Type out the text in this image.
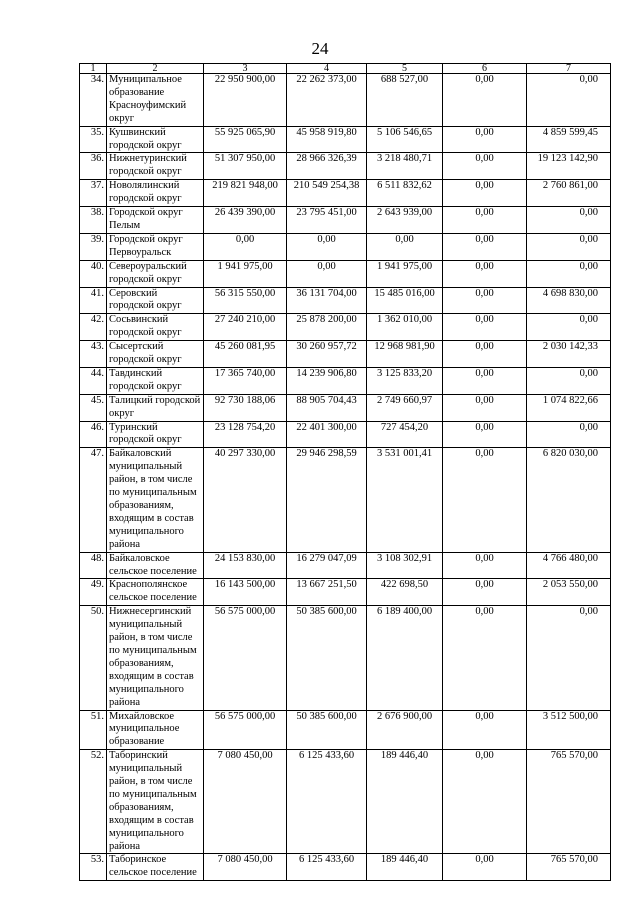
24
1	2	3	4	5	6	7
34.	Муниципальное образование Красноуфимский округ	22 950 900,00	22 262 373,00	688 527,00	0,00	0,00
35.	Кушвинский городской округ	55 925 065,90	45 958 919,80	5 106 546,65	0,00	4 859 599,45
36.	Нижнетуринский городской округ	51 307 950,00	28 966 326,39	3 218 480,71	0,00	19 123 142,90
37.	Новолялинский городской округ	219 821 948,00	210 549 254,38	6 511 832,62	0,00	2 760 861,00
38.	Городской округ Пелым	26 439 390,00	23 795 451,00	2 643 939,00	0,00	0,00
39.	Городской округ Первоуральск	0,00	0,00	0,00	0,00	0,00
40.	Североуральский городской округ	1 941 975,00	0,00	1 941 975,00	0,00	0,00
41.	Серовский городской округ	56 315 550,00	36 131 704,00	15 485 016,00	0,00	4 698 830,00
42.	Сосьвинский городской округ	27 240 210,00	25 878 200,00	1 362 010,00	0,00	0,00
43.	Сысертский городской округ	45 260 081,95	30 260 957,72	12 968 981,90	0,00	2 030 142,33
44.	Тавдинский городской округ	17 365 740,00	14 239 906,80	3 125 833,20	0,00	0,00
45.	Талицкий городской округ	92 730 188,06	88 905 704,43	2 749 660,97	0,00	1 074 822,66
46.	Туринский городской округ	23 128 754,20	22 401 300,00	727 454,20	0,00	0,00
47.	Байкаловский муниципальный район, в том числе по муниципальным образованиям, входящим в состав муниципального района	40 297 330,00	29 946 298,59	3 531 001,41	0,00	6 820 030,00
48.	Байкаловское сельское поселение	24 153 830,00	16 279 047,09	3 108 302,91	0,00	4 766 480,00
49.	Краснополянское сельское поселение	16 143 500,00	13 667 251,50	422 698,50	0,00	2 053 550,00
50.	Нижнесергинский муниципальный район, в том числе по муниципальным образованиям, входящим в состав муниципального района	56 575 000,00	50 385 600,00	6 189 400,00	0,00	0,00
51.	Михайловское муниципальное образование	56 575 000,00	50 385 600,00	2 676 900,00	0,00	3 512 500,00
52.	Таборинский муниципальный район, в том числе по муниципальным образованиям, входящим в состав муниципального района	7 080 450,00	6 125 433,60	189 446,40	0,00	765 570,00
53.	Таборинское сельское поселение	7 080 450,00	6 125 433,60	189 446,40	0,00	765 570,00
